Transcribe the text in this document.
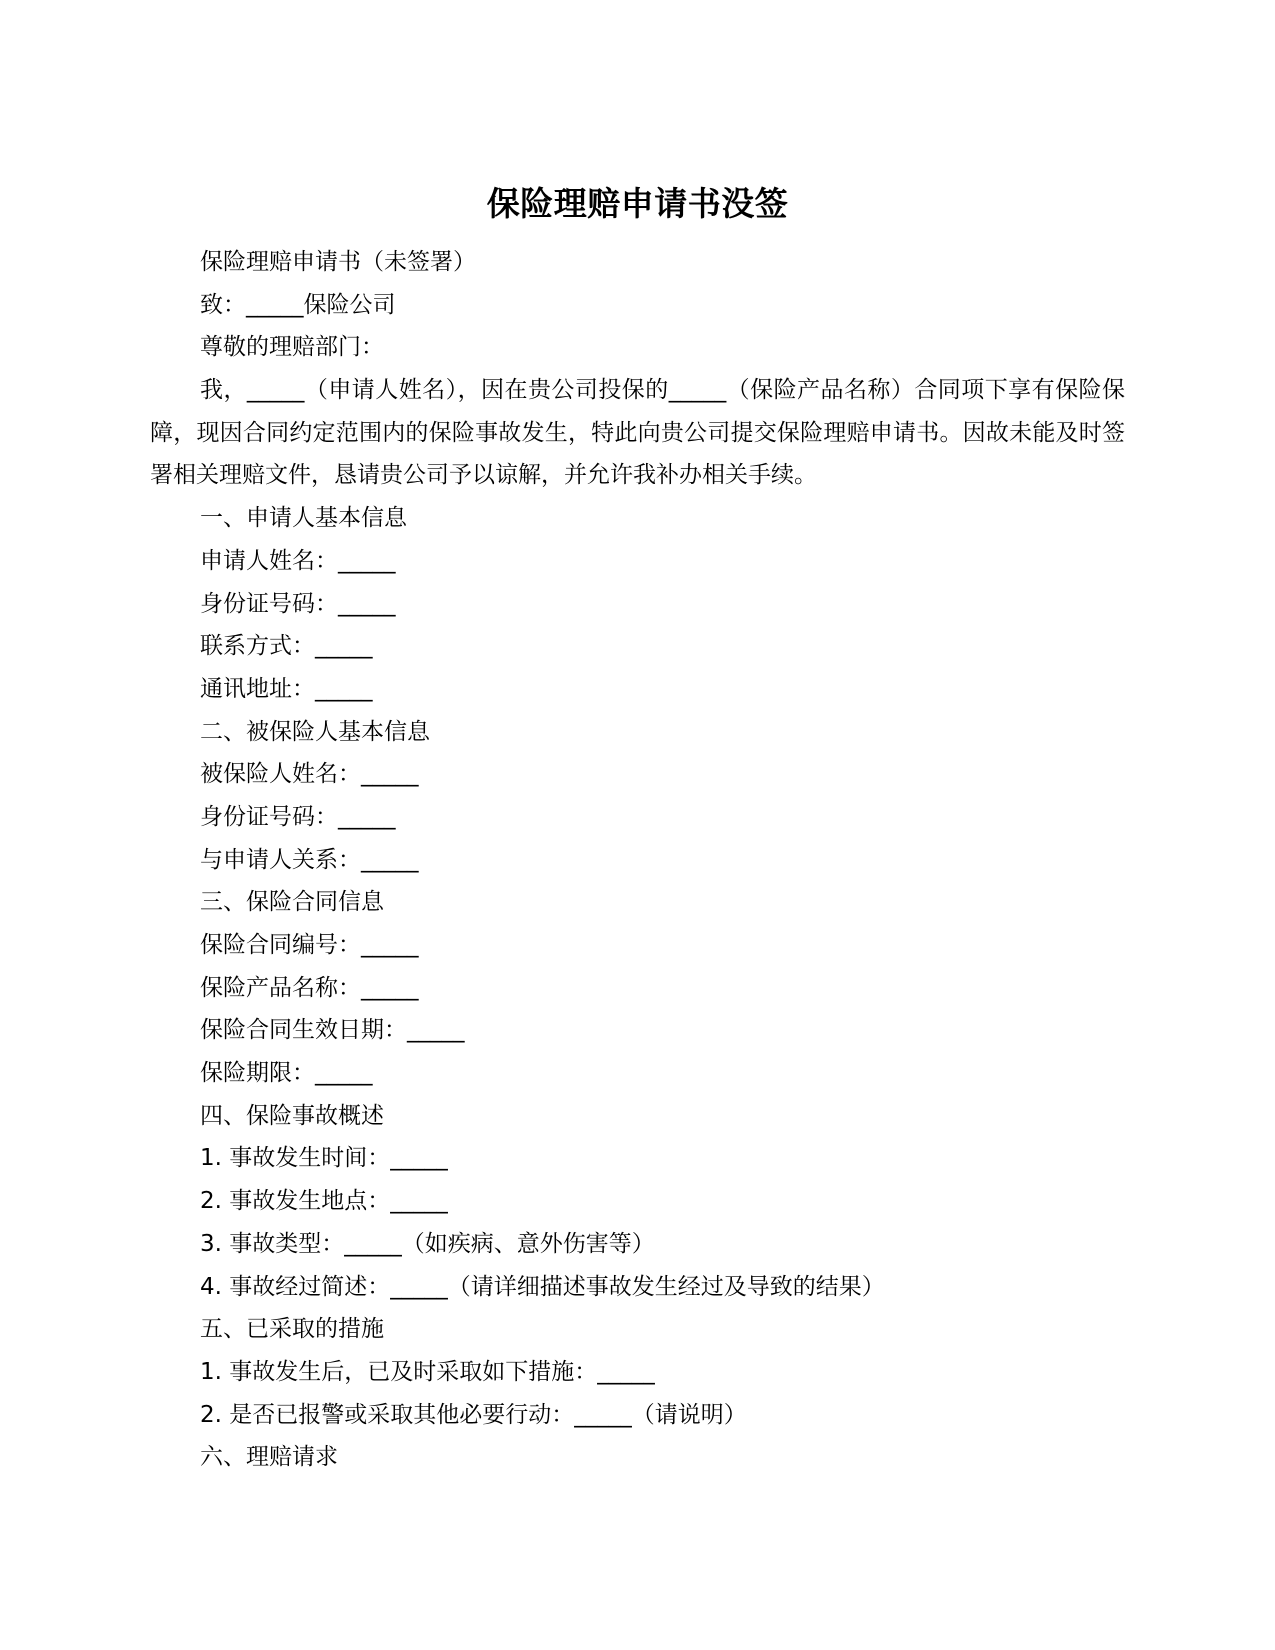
保险理赔申请书没签
保险理赔申请书（未签署）
致：_____保险公司
尊敬的理赔部门：

我，_____（申请人姓名），因在贵公司投保的_____（保险产品名称）合同项下享有保险保障，现因合同约定范围内的保险事故发生，特此向贵公司提交保险理赔申请书。因故未能及时签署相关理赔文件，恳请贵公司予以谅解，并允许我补办相关手续。

一、申请人基本信息
申请人姓名：_____
身份证号码：_____
联系方式：_____
通讯地址：_____
二、被保险人基本信息
被保险人姓名：_____
身份证号码：_____
与申请人关系：_____
三、保险合同信息
保险合同编号：_____
保险产品名称：_____
保险合同生效日期：_____
保险期限：_____
四、保险事故概述
1. 事故发生时间：_____
2. 事故发生地点：_____
3. 事故类型：_____（如疾病、意外伤害等）
4. 事故经过简述：_____（请详细描述事故发生经过及导致的结果）
五、已采取的措施
1. 事故发生后，已及时采取如下措施：_____
2. 是否已报警或采取其他必要行动：_____（请说明）
六、理赔请求
